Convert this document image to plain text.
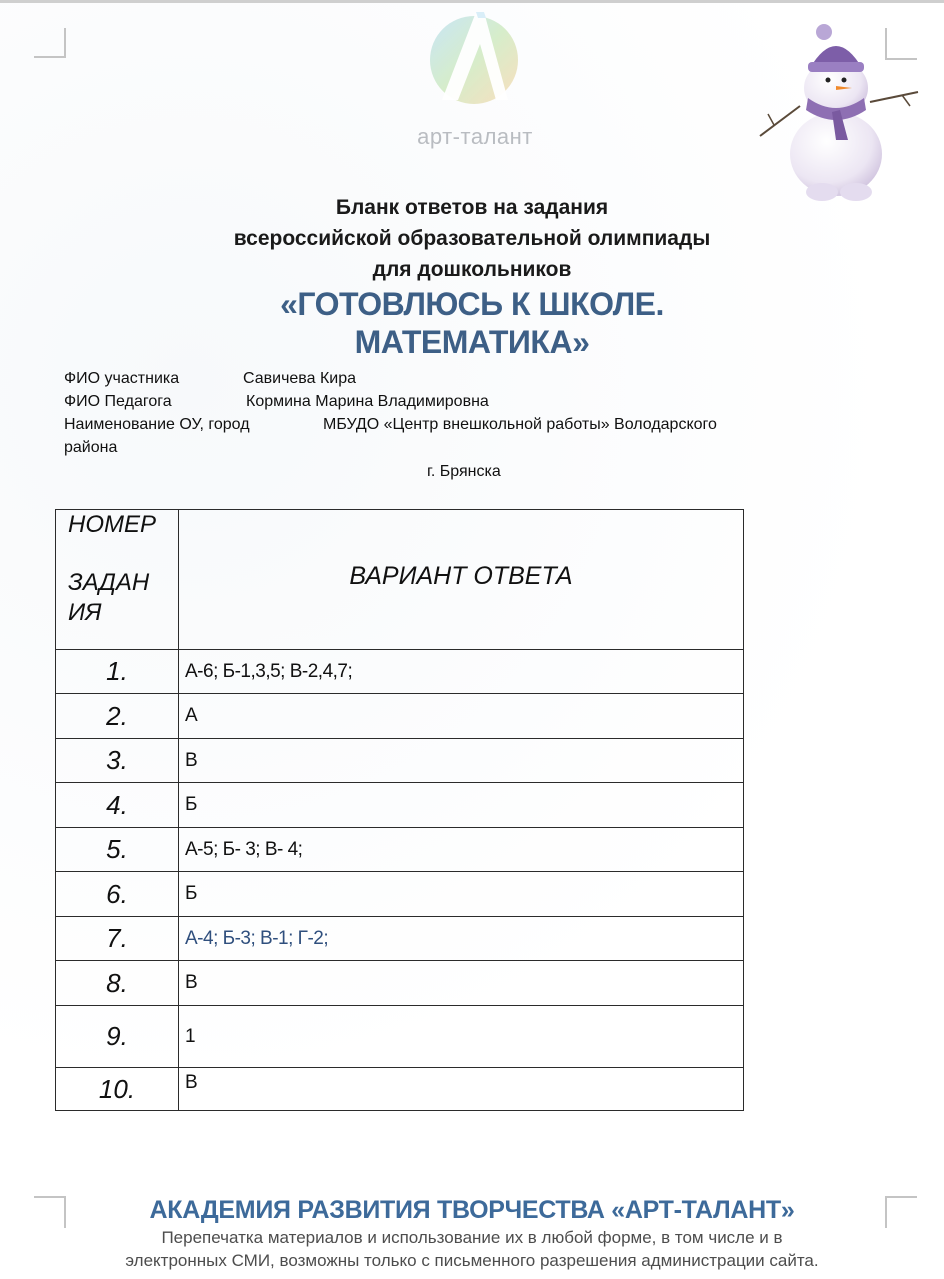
арт-талант
Бланк ответов на задания
всероссийской образовательной олимпиады
для дошкольников
«ГОТОВЛЮСЬ К ШКОЛЕ.
МАТЕМАТИКА»
ФИО участника	Савичева Кира
ФИО Педагога	Кормина Марина Владимировна
Наименование ОУ, город	МБУДО «Центр внешкольной работы» Володарского
района
г. Брянска
НОМЕР
ЗАДАН
ИЯ	ВАРИАНТ ОТВЕТА
1.	А-6; Б-1,3,5; В-2,4,7;
2.	А
3.	В
4.	Б
5.	А-5; Б- 3; В- 4;
6.	Б
7.	А-4; Б-3; В-1; Г-2;
8.	В
9.	1
10.	В
АКАДЕМИЯ РАЗВИТИЯ ТВОРЧЕСТВА «АРТ-ТАЛАНТ»
Перепечатка материалов и использование их в любой форме, в том числе и в
электронных СМИ, возможны только с письменного разрешения администрации сайта.
